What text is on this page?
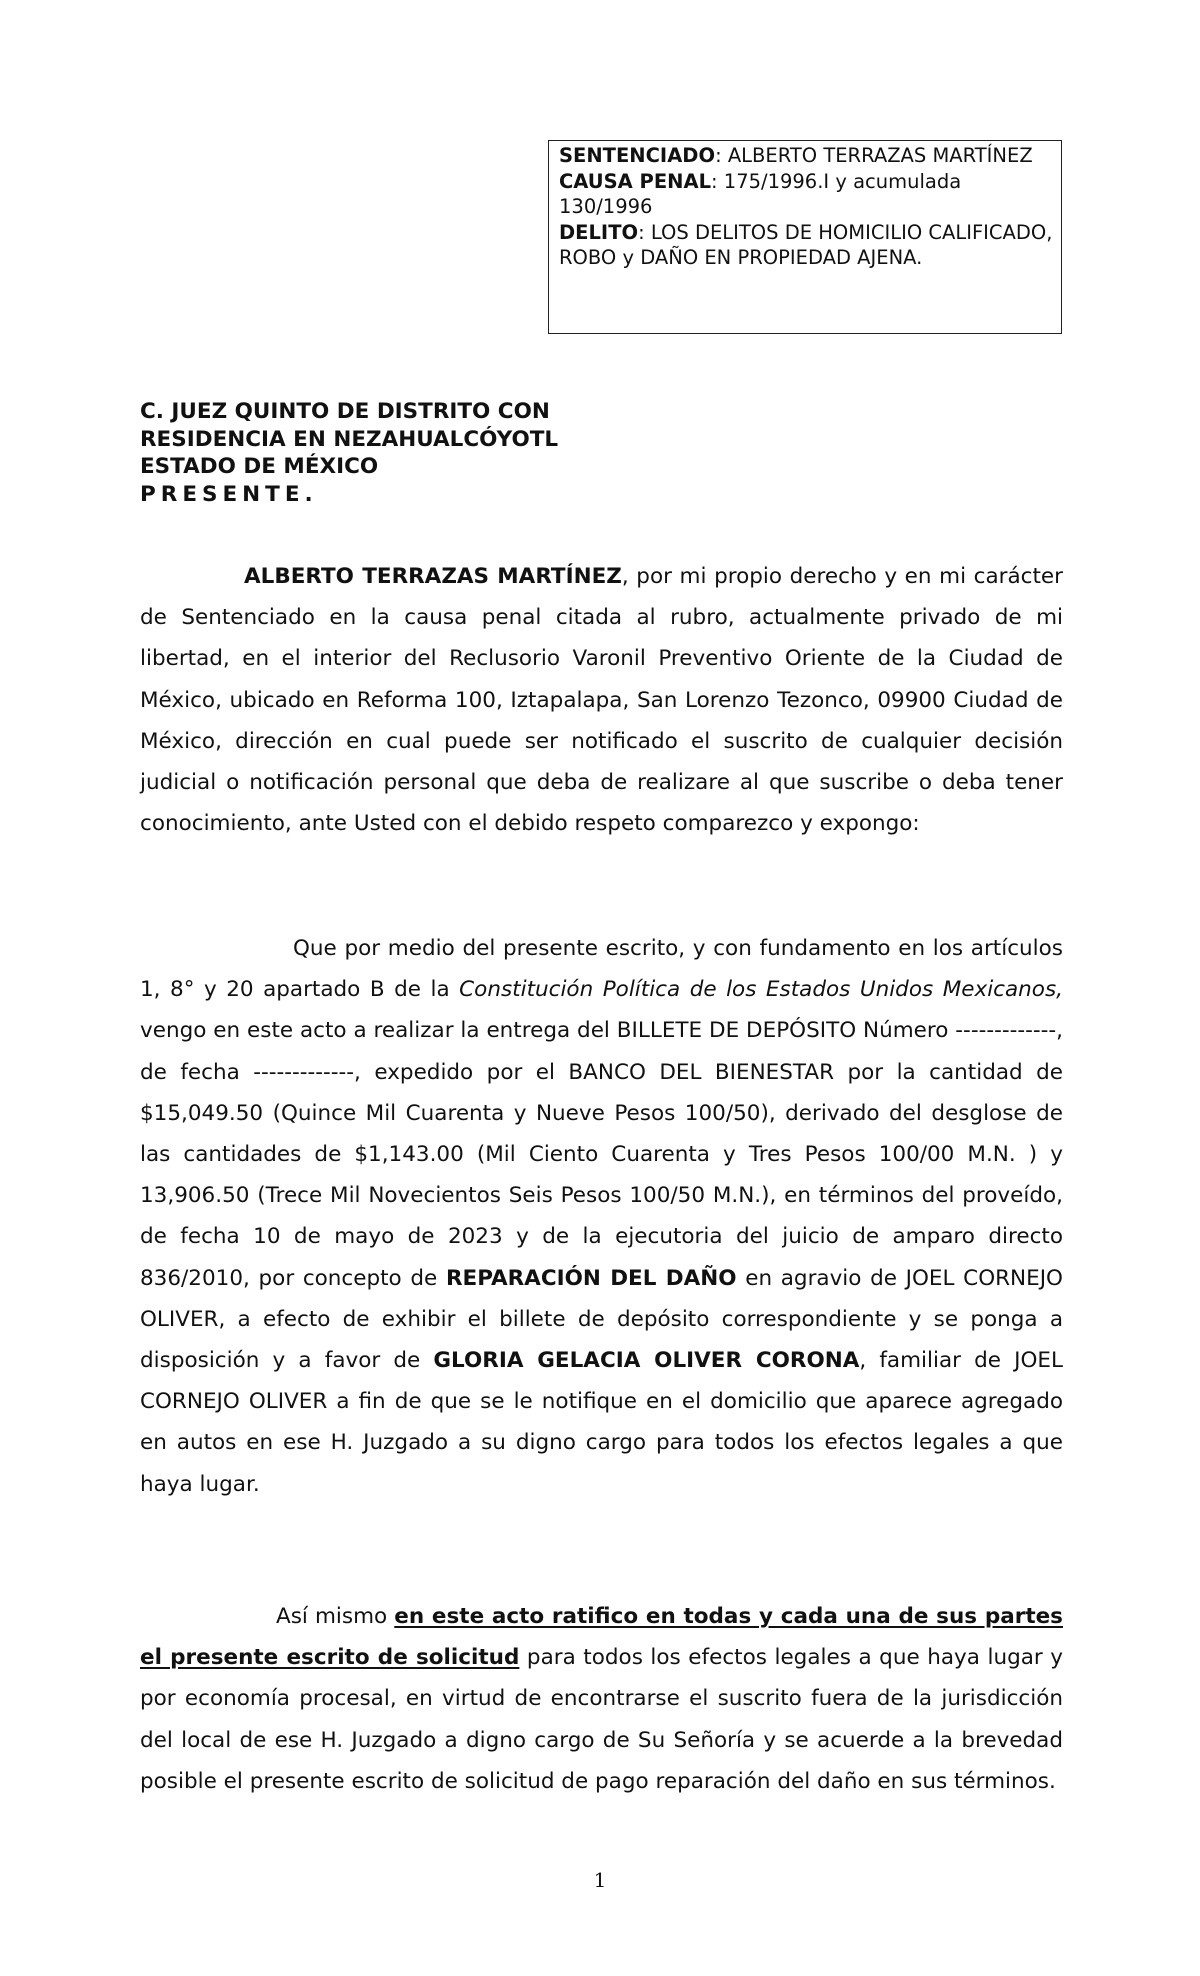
SENTENCIADO: ALBERTO TERRAZAS MARTÍNEZ
CAUSA PENAL: 175/1996.I y acumulada 130/1996
DELITO: LOS DELITOS DE HOMICILIO CALIFICADO, ROBO y DAÑO EN PROPIEDAD AJENA.
C. JUEZ QUINTO DE DISTRITO CON
RESIDENCIA EN NEZAHUALCÓYOTL
ESTADO DE MÉXICO
PRESENTE.
ALBERTO TERRAZAS MARTÍNEZ, por mi propio derecho y en mi carácter de Sentenciado en la causa penal citada al rubro, actualmente privado de mi libertad, en el interior del Reclusorio Varonil Preventivo Oriente de la Ciudad de México, ubicado en Reforma 100, Iztapalapa, San Lorenzo Tezonco, 09900 Ciudad de México, dirección en cual puede ser notificado el suscrito de cualquier decisión judicial o notificación personal que deba de realizare al que suscribe o deba tener conocimiento, ante Usted con el debido respeto comparezco y expongo:
Que por medio del presente escrito, y con fundamento en los artículos 1, 8° y 20 apartado B de la Constitución Política de los Estados Unidos Mexicanos, vengo en este acto a realizar la entrega del BILLETE DE DEPÓSITO Número -------------, de fecha -------------, expedido por el BANCO DEL BIENESTAR por la cantidad de $15,049.50 (Quince Mil Cuarenta y Nueve Pesos 100/50), derivado del desglose de las cantidades de $1,143.00 (Mil Ciento Cuarenta y Tres Pesos 100/00 M.N. ) y 13,906.50 (Trece Mil Novecientos Seis Pesos 100/50 M.N.), en términos del proveído, de fecha 10 de mayo de 2023 y de la ejecutoria del juicio de amparo directo 836/2010, por concepto de REPARACIÓN DEL DAÑO en agravio de JOEL CORNEJO OLIVER, a efecto de exhibir el billete de depósito correspondiente y se ponga a disposición y a favor de GLORIA GELACIA OLIVER CORONA, familiar de JOEL CORNEJO OLIVER a fin de que se le notifique en el domicilio que aparece agregado en autos en ese H. Juzgado a su digno cargo para todos los efectos legales a que haya lugar.
Así mismo en este acto ratifico en todas y cada una de sus partes el presente escrito de solicitud para todos los efectos legales a que haya lugar y por economía procesal, en virtud de encontrarse el suscrito fuera de la jurisdicción del local de ese H. Juzgado a digno cargo de Su Señoría y se acuerde a la brevedad posible el presente escrito de solicitud de pago reparación del daño en sus términos.
1
